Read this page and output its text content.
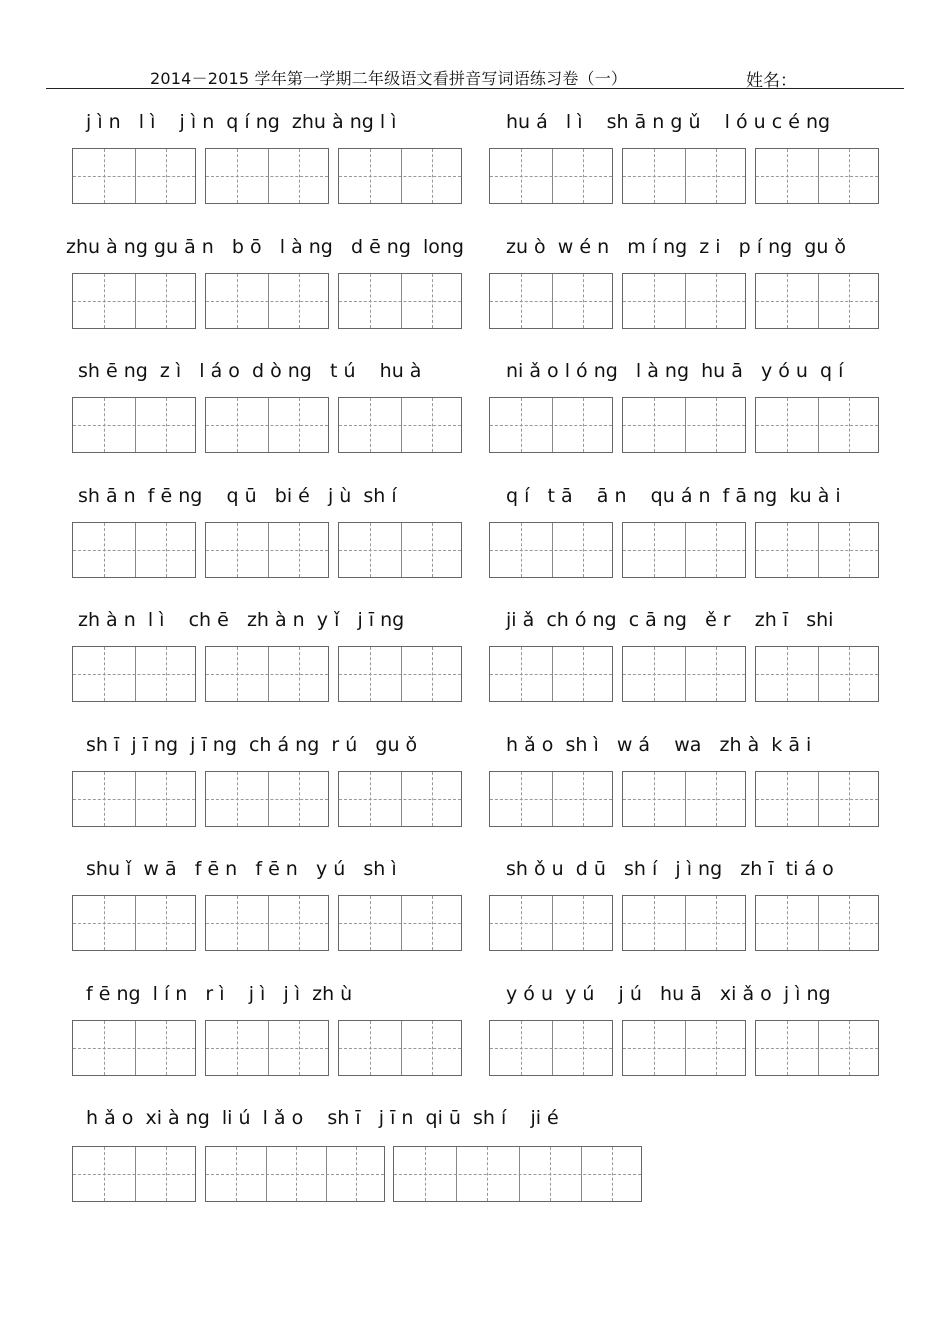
2014－2015 学年第一学期二年级语文看拼音写词语练习卷（一）	姓名：
j ì n   l ì    j ì n  q í ng  zhu à ng l ì	hu á   l ì    sh ā n g ǔ    l ó u c é ng
zhu à ng gu ā n   b ō   l à ng   d ē ng  long zu ò  w é n   m í ng  z i   p í ng  gu ǒ
sh ē ng  z ì   l á o  d ò ng   t ú    hu à	ni ǎ o l ó ng   l à ng  hu ā   y ó u  q í
sh ā n  f ē ng    q ū   bi é   j ù  sh í	q í   t ā    ā n    qu á n  f ā ng  ku à i
zh à n  l ì    ch ē   zh à n  y ǐ   j ī ng	ji ǎ  ch ó ng  c ā ng   ě r    zh ī   shi
sh ī  j ī ng  j ī ng  ch á ng  r ú   gu ǒ	h ǎ o  sh ì   w á    wa   zh à  k ā i
shu ǐ  w ā   f ē n   f ē n   y ú   sh ì	sh ǒ u  d ū   sh í   j ì ng   zh ī  ti á o
f ē ng  l í n   r ì    j ì   j ì  zh ù	y ó u  y ú    j ú   hu ā   xi ǎ o  j ì ng
h ǎ o  xi à ng  li ú  l ǎ o    sh ī   j ī n  qi ū  sh í    ji é
